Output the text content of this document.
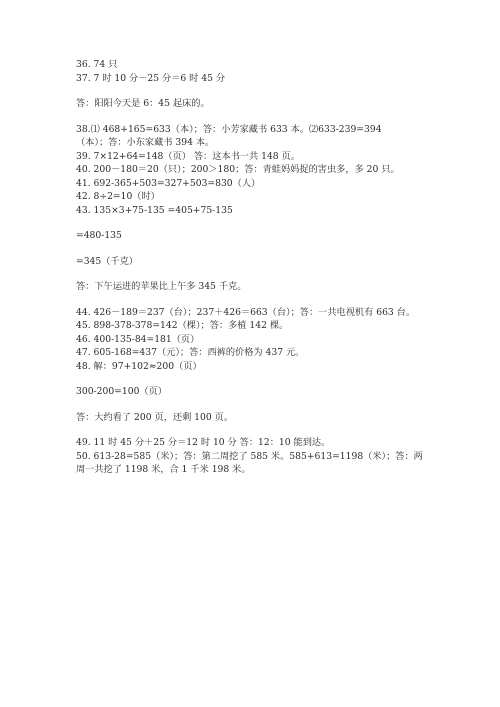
36. 74 只
37. 7 时 10 分－25 分＝6 时 45 分
答：阳阳今天是 6：45 起床的。
38.⑴ 468+165=633（本）；答：小芳家藏书 633 本。⑵633-239=394
（本）；答：小东家藏书 394 本。
39. 7×12+64=148（页） 答：这本书一共 148 页。
40. 200－180＝20（只）；200＞180；答：青蛙妈妈捉的害虫多，多 20 只。
41. 692-365+503=327+503=830（人）
42. 8÷2=10（时）
43. 135×3+75-135 =405+75-135
=480-135
=345（千克）
答：下午运进的苹果比上午多 345 千克。
44. 426－189＝237（台）；237＋426＝663（台）；答：一共电视机有 663 台。
45. 898-378-378=142（棵）；答：多植 142 棵。
46. 400-135-84=181（页）
47. 605-168=437（元）；答：西裤的价格为 437 元。
48. 解：97+102≈200（页）
300-200=100（页）
答：大约看了 200 页，还剩 100 页。
49. 11 时 45 分＋25 分＝12 时 10 分 答：12：10 能到达。
50. 613-28=585（米）；答：第二周挖了 585 米。585+613=1198（米）；答：两
周一共挖了 1198 米，合 1 千米 198 米。
